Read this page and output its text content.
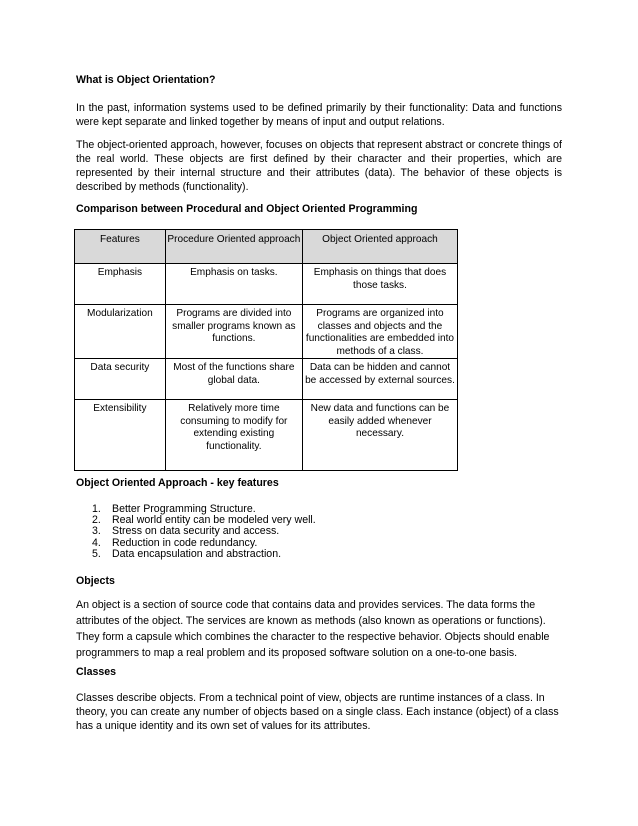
What is Object Orientation?

In the past, information systems used to be defined primarily by their functionality: Data and functions were kept separate and linked together by means of input and output relations.

The object-oriented approach, however, focuses on objects that represent abstract or concrete things of the real world. These objects are first defined by their character and their properties, which are represented by their internal structure and their attributes (data). The behavior of these objects is described by methods (functionality).

Comparison between Procedural and Object Oriented Programming
Features	Procedure Oriented approach	Object Oriented approach
Emphasis	Emphasis on tasks.	Emphasis on things that does those tasks.
Modularization	Programs are divided into smaller programs known as functions.	Programs are organized into classes and objects and the functionalities are embedded into methods of a class.
Data security	Most of the functions share global data.	Data can be hidden and cannot be accessed by external sources.
Extensibility	Relatively more time consuming to modify for extending existing functionality.	New data and functions can be easily added whenever necessary.
Object Oriented Approach - key features
1. Better Programming Structure.
2. Real world entity can be modeled very well.
3. Stress on data security and access.
4. Reduction in code redundancy.
5. Data encapsulation and abstraction.
Objects

An object is a section of source code that contains data and provides services. The data forms the attributes of the object. The services are known as methods (also known as operations or functions). They form a capsule which combines the character to the respective behavior. Objects should enable programmers to map a real problem and its proposed software solution on a one-to-one basis.

Classes

Classes describe objects. From a technical point of view, objects are runtime instances of a class. In theory, you can create any number of objects based on a single class. Each instance (object) of a class has a unique identity and its own set of values for its attributes.
